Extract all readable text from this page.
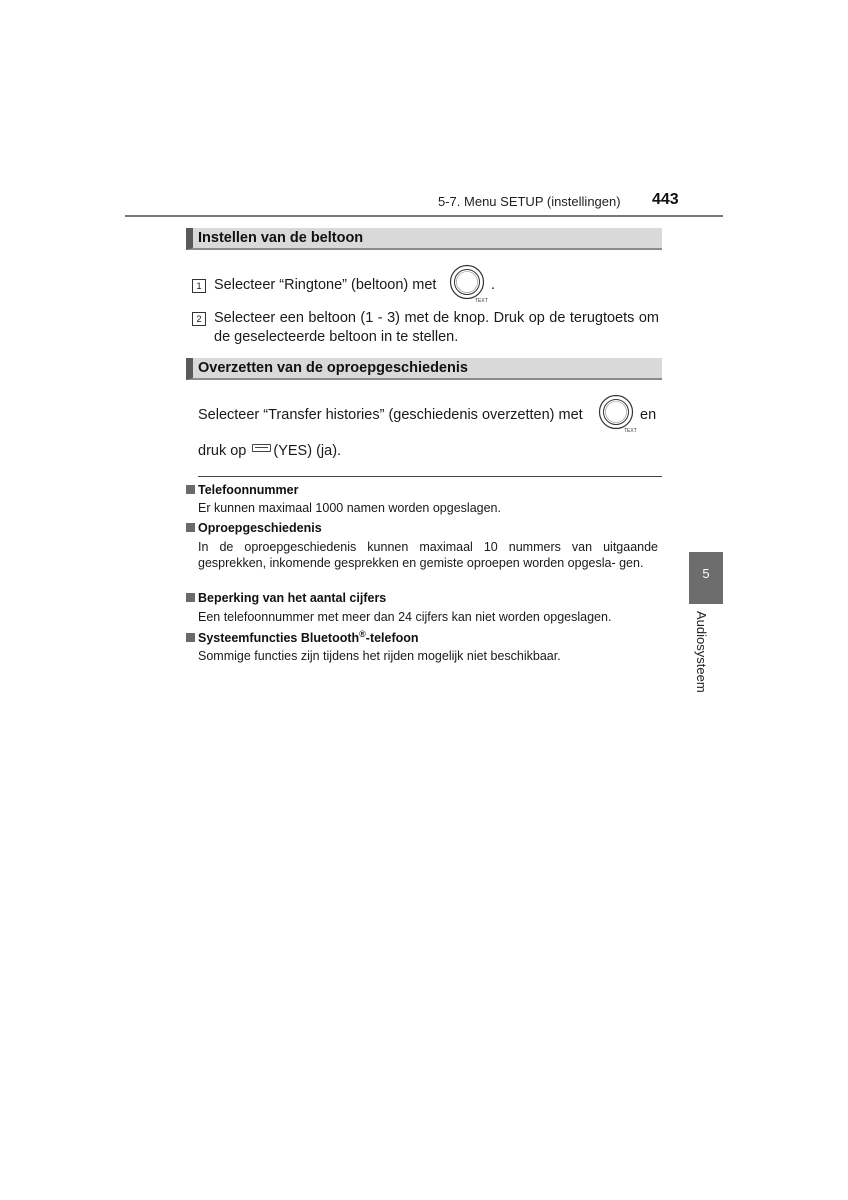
5-7. Menu SETUP (instellingen) 443
Instellen van de beltoon
1 Selecteer “Ringtone” (beltoon) met
TEXT
.
2 Selecteer een beltoon (1 - 3) met de knop. Druk op de terugtoets om de geselecteerde beltoon in te stellen.
Overzetten van de oproepgeschiedenis
Selecteer “Transfer histories” (geschiedenis overzetten) met
TEXT
en
druk op (YES) (ja).
Telefoonnummer
Er kunnen maximaal 1000 namen worden opgeslagen.
Oproepgeschiedenis
In de oproepgeschiedenis kunnen maximaal 10 nummers van uitgaande gesprekken, inkomende gesprekken en gemiste oproepen worden opgesla- gen.
Beperking van het aantal cijfers
Een telefoonnummer met meer dan 24 cijfers kan niet worden opgeslagen.
Systeemfuncties Bluetooth®-telefoon
Sommige functies zijn tijdens het rijden mogelijk niet beschikbaar.
5
Audiosysteem
